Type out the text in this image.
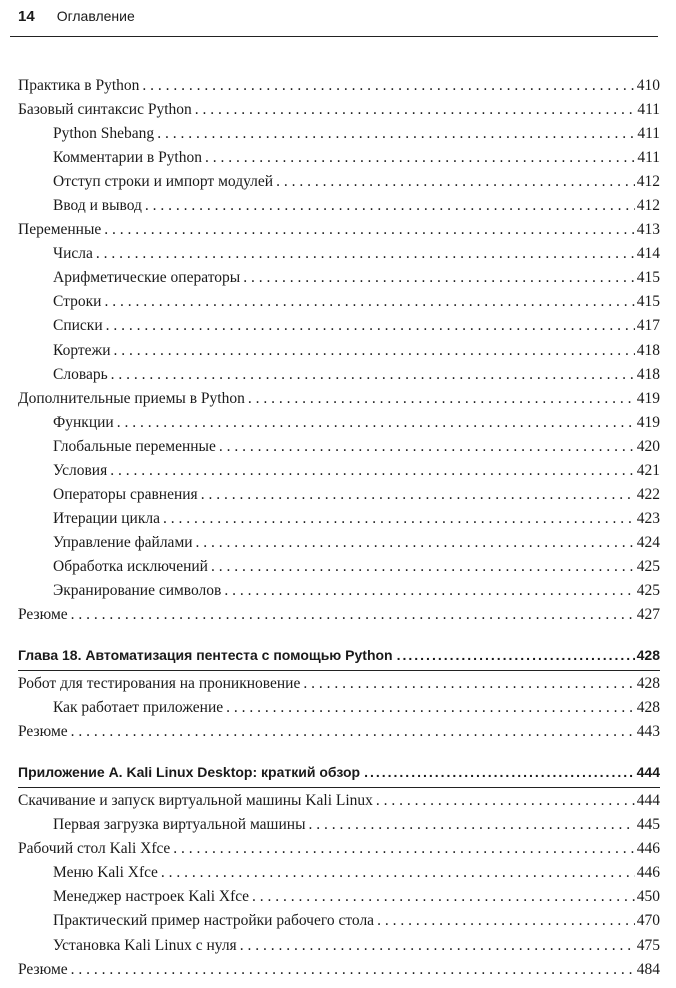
14 Оглавление
Практика в Python . . .	410
Базовый синтаксис Python . . .	411
Python Shebang . . .	411
Комментарии в Python . . .	411
Отступ строки и импорт модулей . . .	412
Ввод и вывод . . .	412
Переменные . . .	413
Числа . . .	414
Арифметические операторы . . .	415
Строки . . .	415
Списки . . .	417
Кортежи . . .	418
Словарь . . .	418
Дополнительные приемы в Python . . .	419
Функции . . .	419
Глобальные переменные . . .	420
Условия . . .	421
Операторы сравнения . . .	422
Итерации цикла . . .	423
Управление файлами . . .	424
Обработка исключений . . .	425
Экранирование символов . . .	425
Резюме . . .	427
Глава 18. Автоматизация пентеста с помощью Python .....	428
Робот для тестирования на проникновение . . .	428
Как работает приложение . . .	428
Резюме . . .	443
Приложение A. Kali Linux Desktop: краткий обзор .....	444
Скачивание и запуск виртуальной машины Kali Linux . . .	444
Первая загрузка виртуальной машины . . .	445
Рабочий стол Kali Xfce . . .	446
Меню Kali Xfce . . .	446
Менеджер настроек Kali Xfce . . .	450
Практический пример настройки рабочего стола . . .	470
Установка Kali Linux с нуля . . .	475
Резюме . . .	484
